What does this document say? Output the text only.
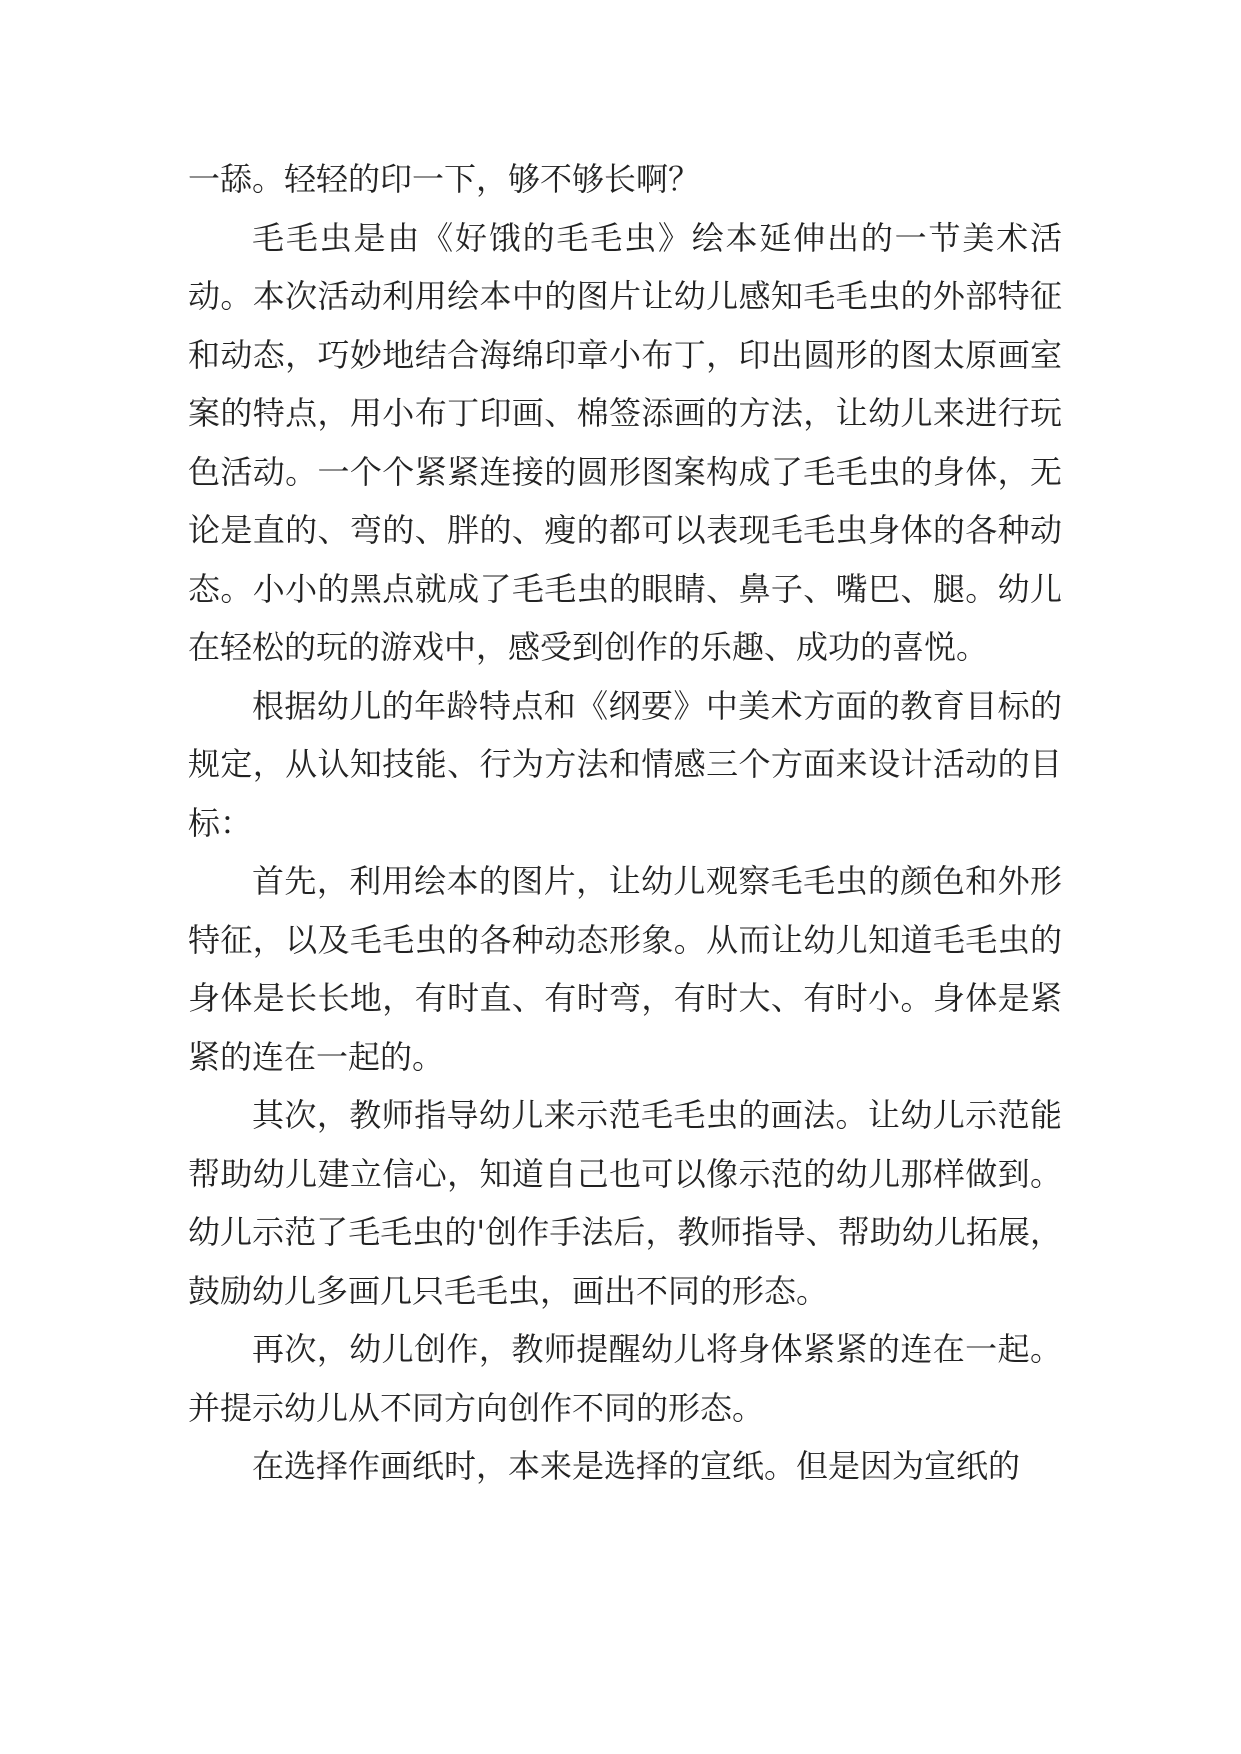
一舔。轻轻的印一下，够不够长啊？

毛毛虫是由《好饿的毛毛虫》绘本延伸出的一节美术活动。本次活动利用绘本中的图片让幼儿感知毛毛虫的外部特征和动态，巧妙地结合海绵印章小布丁，印出圆形的图太原画室案的特点，用小布丁印画、棉签添画的方法，让幼儿来进行玩色活动。一个个紧紧连接的圆形图案构成了毛毛虫的身体，无论是直的、弯的、胖的、瘦的都可以表现毛毛虫身体的各种动态。小小的黑点就成了毛毛虫的眼睛、鼻子、嘴巴、腿。幼儿在轻松的玩的游戏中，感受到创作的乐趣、成功的喜悦。

根据幼儿的年龄特点和《纲要》中美术方面的教育目标的规定，从认知技能、行为方法和情感三个方面来设计活动的目标：

首先，利用绘本的图片，让幼儿观察毛毛虫的颜色和外形特征，以及毛毛虫的各种动态形象。从而让幼儿知道毛毛虫的身体是长长地，有时直、有时弯，有时大、有时小。身体是紧紧的连在一起的。

其次，教师指导幼儿来示范毛毛虫的画法。让幼儿示范能帮助幼儿建立信心，知道自己也可以像示范的幼儿那样做到。幼儿示范了毛毛虫的'创作手法后，教师指导、帮助幼儿拓展，鼓励幼儿多画几只毛毛虫，画出不同的形态。

再次，幼儿创作，教师提醒幼儿将身体紧紧的连在一起。并提示幼儿从不同方向创作不同的形态。

在选择作画纸时，本来是选择的宣纸。但是因为宣纸的
